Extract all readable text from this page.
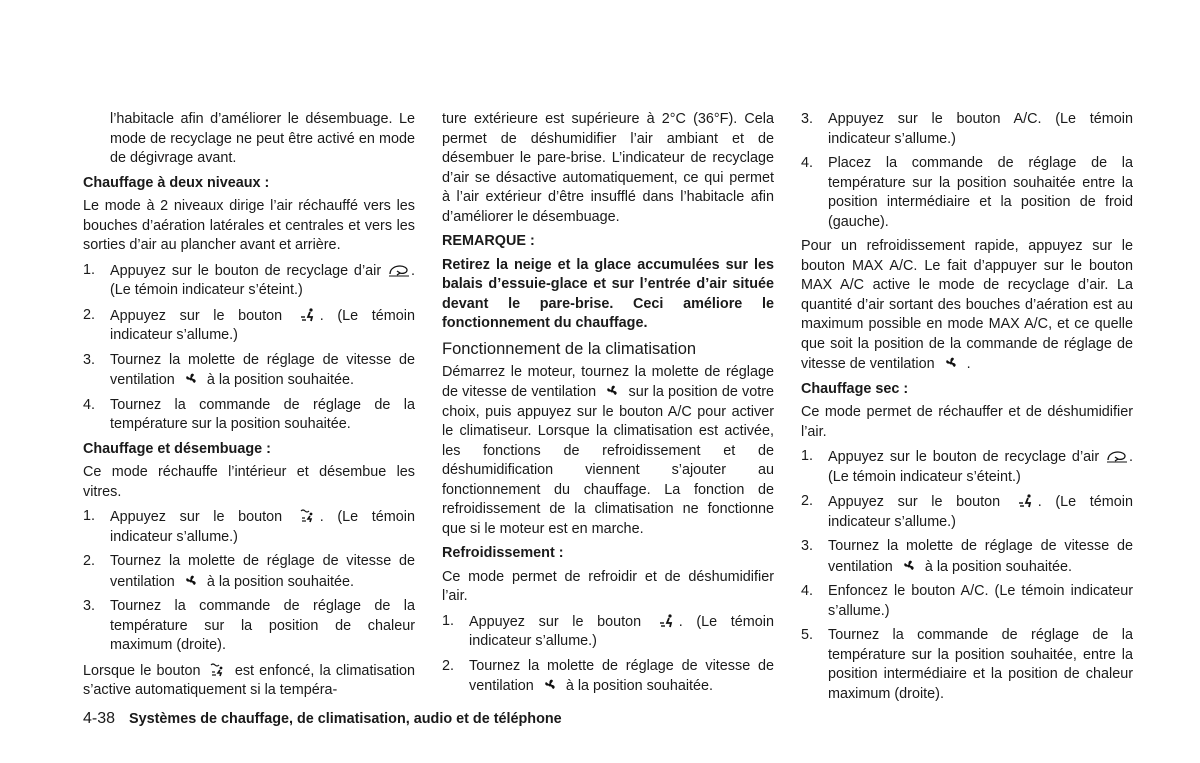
l’habitacle afin d’améliorer le désembuage. Le mode de recyclage ne peut être activé en mode de dégivrage avant.

Chauffage à deux niveaux :

Le mode à 2 niveaux dirige l’air réchauffé vers les bouches d’aération latérales et centrales et vers les sorties d’air au plancher avant et arrière.

1. Appuyez sur le bouton de recyclage d’air . (Le témoin indicateur s’éteint.)
2. Appuyez sur le bouton	. (Le témoin indicateur s’allume.)
3. Tournez la molette de réglage de vitesse de ventilation à la position souhaitée.
4. Tournez la commande de réglage de la température sur la position souhaitée.
Chauffage et désembuage :

Ce mode réchauffe l’intérieur et désembue les vitres.

1. Appuyez sur le bouton	. (Le témoin indicateur s’allume.)
2. Tournez la molette de réglage de vitesse de ventilation à la position souhaitée.
3. Tournez la commande de réglage de la température sur la position de chaleur maximum (droite).

Lorsque le bouton est enfoncé, la climatisation s’active automatiquement si la tempéra-

ture extérieure est supérieure à 2°C (36°F). Cela permet de déshumidifier l’air ambiant et de désembuer le pare-brise. L’indicateur de recyclage d’air se désactive automatiquement, ce qui permet à l’air extérieur d’être insufflé dans l’habitacle afin d’améliorer le désembuage.

REMARQUE :

Retirez la neige et la glace accumulées sur les balais d’essuie-glace et sur l’entrée d’air située devant le pare-brise. Ceci améliore le fonctionnement du chauffage.

Fonctionnement de la climatisation

Démarrez le moteur, tournez la molette de réglage de vitesse de ventilation sur la position de votre choix, puis appuyez sur le bouton A/C pour activer le climatiseur. Lorsque la climatisation est activée, les fonctions de refroidissement et de déshumidification viennent s’ajouter au fonctionnement du chauffage. La fonction de refroidissement de la climatisation ne fonctionne que si le moteur est en marche.

Refroidissement :

Ce mode permet de refroidir et de déshumidifier l’air.

1. Appuyez sur le bouton	. (Le témoin indicateur s’allume.)
2. Tournez la molette de réglage de vitesse de ventilation à la position souhaitée.
3. Appuyez sur le bouton A/C. (Le témoin indicateur s’allume.)
4. Placez la commande de réglage de la température sur la position souhaitée entre la position intermédiaire et la position de froid (gauche).

Pour un refroidissement rapide, appuyez sur le bouton MAX A/C. Le fait d’appuyer sur le bouton MAX A/C active le mode de recyclage d’air. La quantité d’air sortant des bouches d’aération est au maximum possible en mode MAX A/C, et ce quelle que soit la position de la commande de réglage de vitesse de ventilation .

Chauffage sec :

Ce mode permet de réchauffer et de déshumidifier l’air.

1. Appuyez sur le bouton de recyclage d’air . (Le témoin indicateur s’éteint.)
2. Appuyez sur le bouton	. (Le témoin indicateur s’allume.)
3. Tournez la molette de réglage de vitesse de ventilation à la position souhaitée.
4. Enfoncez le bouton A/C. (Le témoin indicateur s’allume.)
5. Tournez la commande de réglage de la température sur la position souhaitée, entre la position intermédiaire et la position de chaleur maximum (droite).
4-38 Systèmes de chauffage, de climatisation, audio et de téléphone
